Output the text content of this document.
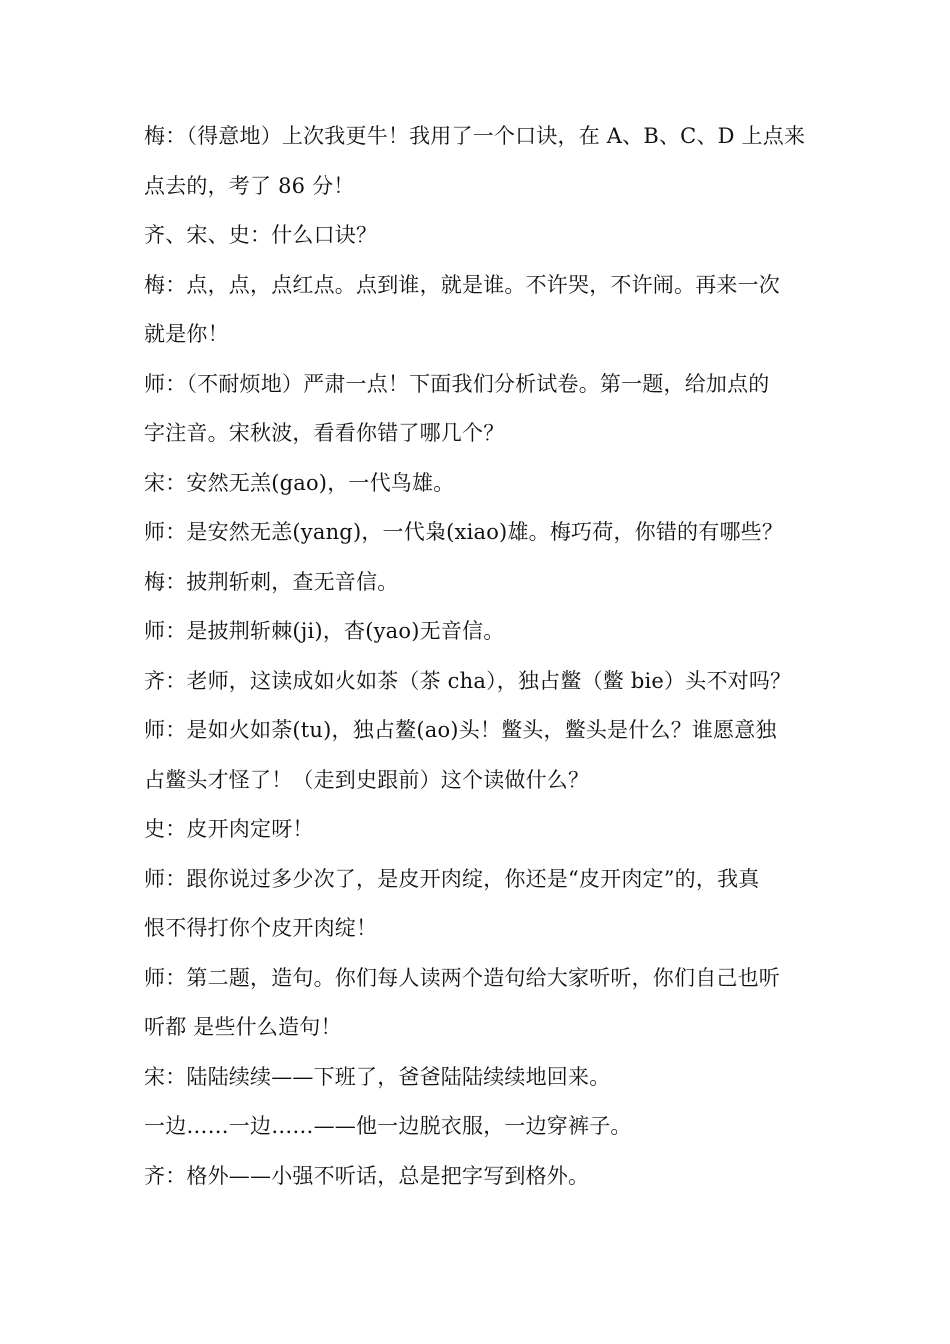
梅：（得意地）上次我更牛！我用了一个口诀，在 A、B、C、D 上点来
点去的，考了 86 分！
齐、宋、史：什么口诀？
梅：点，点，点红点。点到谁，就是谁。不许哭，不许闹。再来一次
就是你！
师：（不耐烦地）严肃一点！下面我们分析试卷。第一题，给加点的
字注音。宋秋波，看看你错了哪几个？
宋：安然无羔(gao)，一代鸟雄。
师：是安然无恙(yang)，一代枭(xiao)雄。梅巧荷，你错的有哪些？
梅：披荆斩刺，查无音信。
师：是披荆斩棘(ji)，杳(yao)无音信。
齐：老师，这读成如火如茶（茶 cha），独占鳖（鳖 bie）头不对吗？
师：是如火如荼(tu)，独占鳌(ao)头！鳖头，鳖头是什么？谁愿意独
占鳖头才怪了！（走到史跟前）这个读做什么？
史：皮开肉定呀！
师：跟你说过多少次了，是皮开肉绽，你还是“皮开肉定”的，我真
恨不得打你个皮开肉绽！
师：第二题，造句。你们每人读两个造句给大家听听，你们自己也听
听都 是些什么造句！
宋：陆陆续续——下班了，爸爸陆陆续续地回来。
一边……一边……——他一边脱衣服，一边穿裤子。
齐：格外——小强不听话，总是把字写到格外。
